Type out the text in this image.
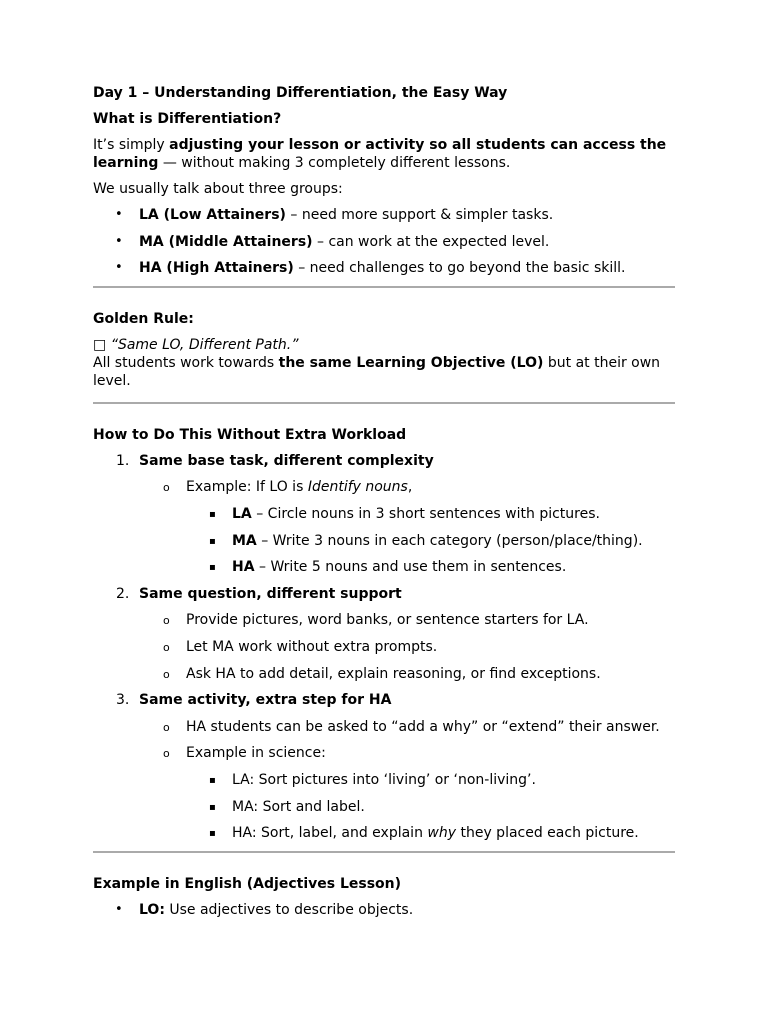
Day 1 – Understanding Differentiation, the Easy Way

What is Differentiation?

It’s simply adjusting your lesson or activity so all students can access the learning — without making 3 completely different lessons.

We usually talk about three groups:

• LA (Low Attainers) – need more support & simpler tasks.
• MA (Middle Attainers) – can work at the expected level.
• HA (High Attainers) – need challenges to go beyond the basic skill.

Golden Rule:

□ “Same LO, Different Path.”

All students work towards the same Learning Objective (LO) but at their own level.

How to Do This Without Extra Workload

1. Same base task, different complexity
o Example: If LO is Identify nouns,
▪ LA – Circle nouns in 3 short sentences with pictures.
▪ MA – Write 3 nouns in each category (person/place/thing).
▪ HA – Write 5 nouns and use them in sentences.
2. Same question, different support
o Provide pictures, word banks, or sentence starters for LA.
o Let MA work without extra prompts.
o Ask HA to add detail, explain reasoning, or find exceptions.
3. Same activity, extra step for HA
o HA students can be asked to “add a why” or “extend” their answer.
o Example in science:
▪ LA: Sort pictures into ‘living’ or ‘non-living’.
▪ MA: Sort and label.
▪ HA: Sort, label, and explain why they placed each picture.

Example in English (Adjectives Lesson)

• LO: Use adjectives to describe objects.
